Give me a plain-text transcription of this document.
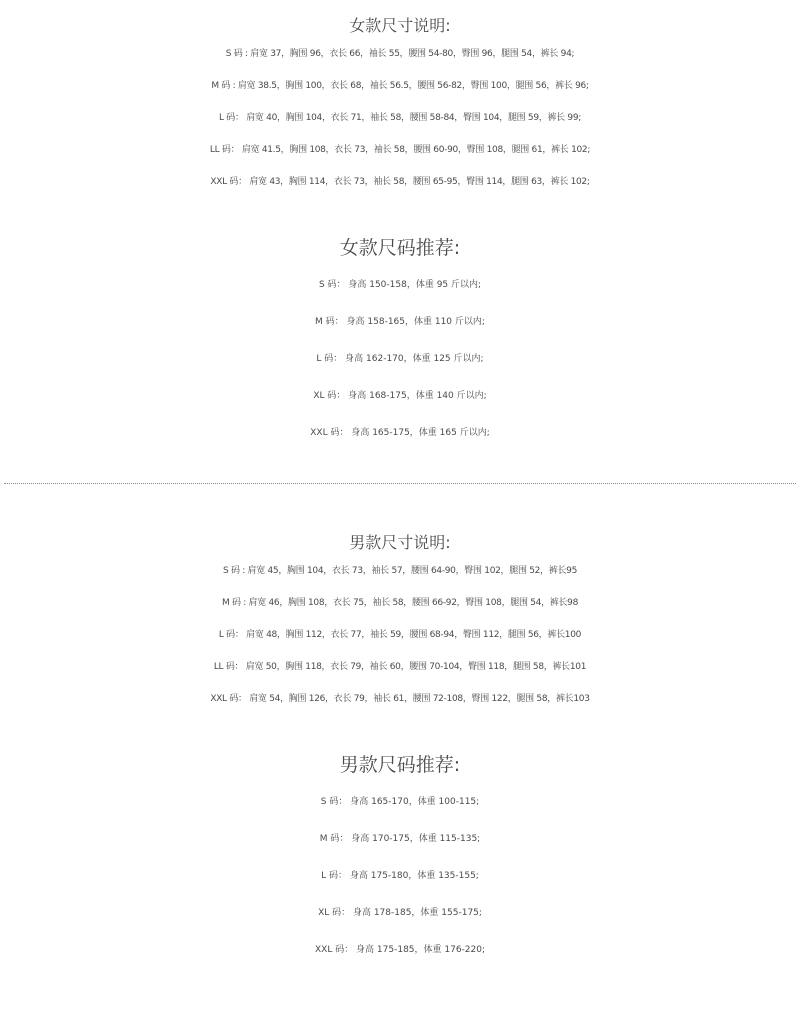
女款尺寸说明:
S 码 : 肩宽 37，胸围 96，衣长 66，袖长 55，腰围 54-80，臀围 96，腿围 54，裤长 94;
M 码 : 肩宽 38.5，胸围 100，衣长 68，袖长 56.5，腰围 56-82，臀围 100，腿围 56，裤长 96;
L 码： 肩宽 40，胸围 104，衣长 71，袖长 58，腰围 58-84，臀围 104，腿围 59，裤长 99;
LL 码： 肩宽 41.5，胸围 108，衣长 73，袖长 58，腰围 60-90，臀围 108，腿围 61，裤长 102;
XXL 码： 肩宽 43，胸围 114，衣长 73，袖长 58，腰围 65-95，臀围 114，腿围 63，裤长 102;
女款尺码推荐:
S 码： 身高 150-158，体重 95 斤以内;
M 码： 身高 158-165，体重 110 斤以内;
L 码： 身高 162-170，体重 125 斤以内;
XL 码： 身高 168-175，体重 140 斤以内;
XXL 码： 身高 165-175，体重 165 斤以内;
男款尺寸说明:
S 码 : 肩宽 45，胸围 104，衣长 73，袖长 57，腰围 64-90，臀围 102，腿围 52，裤长95
M 码 : 肩宽 46，胸围 108，衣长 75，袖长 58，腰围 66-92，臀围 108，腿围 54，裤长98
L 码： 肩宽 48，胸围 112，衣长 77，袖长 59，腰围 68-94，臀围 112，腿围 56，裤长100
LL 码： 肩宽 50，胸围 118，衣长 79，袖长 60，腰围 70-104，臀围 118，腿围 58，裤长101
XXL 码： 肩宽 54，胸围 126，衣长 79，袖长 61，腰围 72-108，臀围 122，腿围 58，裤长103
男款尺码推荐:
S 码： 身高 165-170，体重 100-115;
M 码： 身高 170-175，体重 115-135;
L 码： 身高 175-180，体重 135-155;
XL 码： 身高 178-185，体重 155-175;
XXL 码： 身高 175-185，体重 176-220;
